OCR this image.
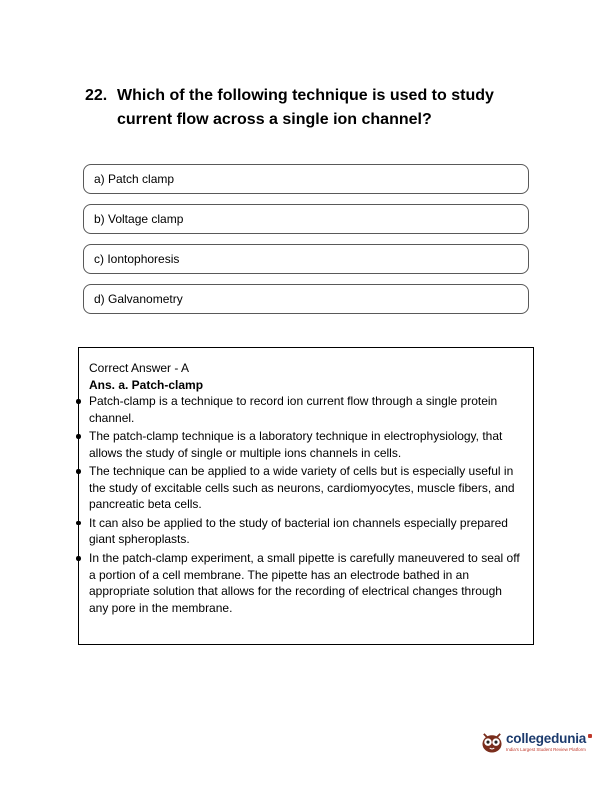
22. Which of the following technique is used to study current flow across a single ion channel?
a) Patch clamp
b) Voltage clamp
c) Iontophoresis
d) Galvanometry
Correct Answer - A
Ans. a. Patch-clamp
Patch-clamp is a technique to record ion current flow through a single protein channel.
The patch-clamp technique is a laboratory technique in electrophysiology, that allows the study of single or multiple ions channels in cells.
The technique can be applied to a wide variety of cells but is especially useful in the study of excitable cells such as neurons, cardiomyocytes, muscle fibers, and pancreatic beta cells.
It can also be applied to the study of bacterial ion channels especially prepared giant spheroplasts.
In the patch-clamp experiment, a small pipette is carefully maneuvered to seal off a portion of a cell membrane. The pipette has an electrode bathed in an appropriate solution that allows for the recording of electrical changes through any pore in the membrane.
collegedunia
India's Largest Student Review Platform
